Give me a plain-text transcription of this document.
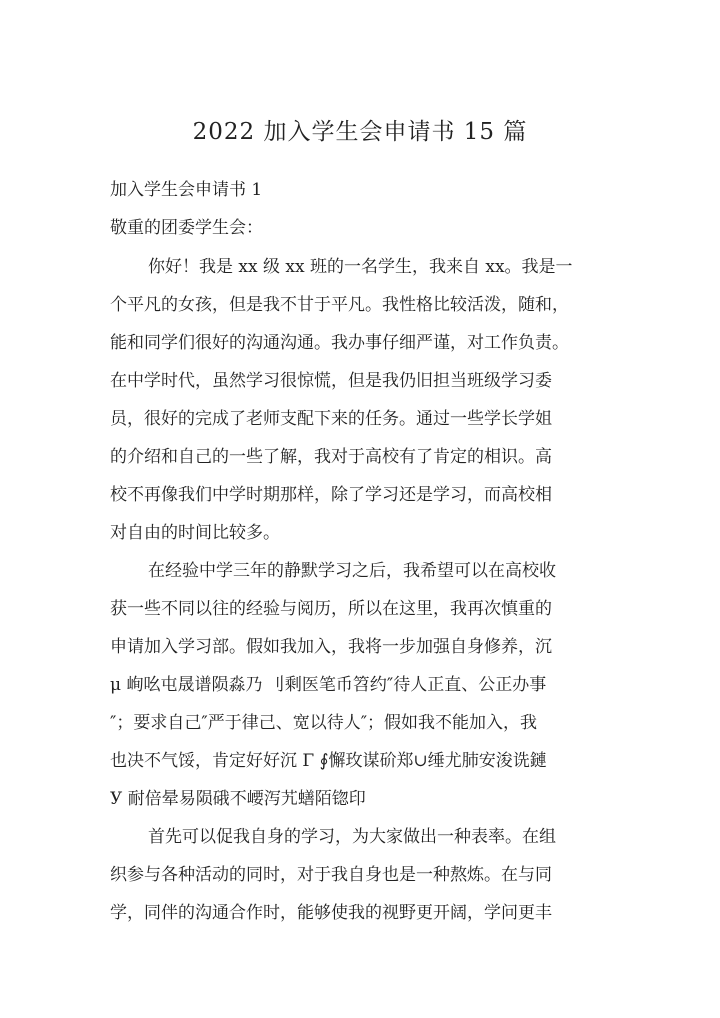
2022 加入学生会申请书 15 篇
加入学生会申请书 1
敬重的团委学生会：
你好！我是 xx 级 xx 班的一名学生，我来自 xx。我是一
个平凡的女孩，但是我不甘于平凡。我性格比较活泼，随和，
能和同学们很好的沟通沟通。我办事仔细严谨，对工作负责。
在中学时代，虽然学习很惊慌，但是我仍旧担当班级学习委
员，很好的完成了老师支配下来的任务。通过一些学长学姐
的介绍和自己的一些了解，我对于高校有了肯定的相识。高
校不再像我们中学时期那样，除了学习还是学习，而高校相
对自由的时间比较多。
在经验中学三年的静默学习之后，我希望可以在高校收
获一些不同以往的经验与阅历，所以在这里，我再次慎重的
申请加入学习部。假如我加入，我将一步加强自身修养，沉
μ 峋吆屯晟谱陨淼乃 刂剩医笔币笤约″待人正直、公正办事
″；要求自己″严于律己、宽以待人″；假如我不能加入，我
也决不气馁，肯定好好沉 Γ ∮懈玫谋砎郑∪缍尤肺安浚诜鏈
У 耐倍晕易陨硪不崾泻艽蟮陌锪印
首先可以促我自身的学习，为大家做出一种表率。在组
织参与各种活动的同时，对于我自身也是一种熬炼。在与同
学，同伴的沟通合作时，能够使我的视野更开阔，学问更丰
